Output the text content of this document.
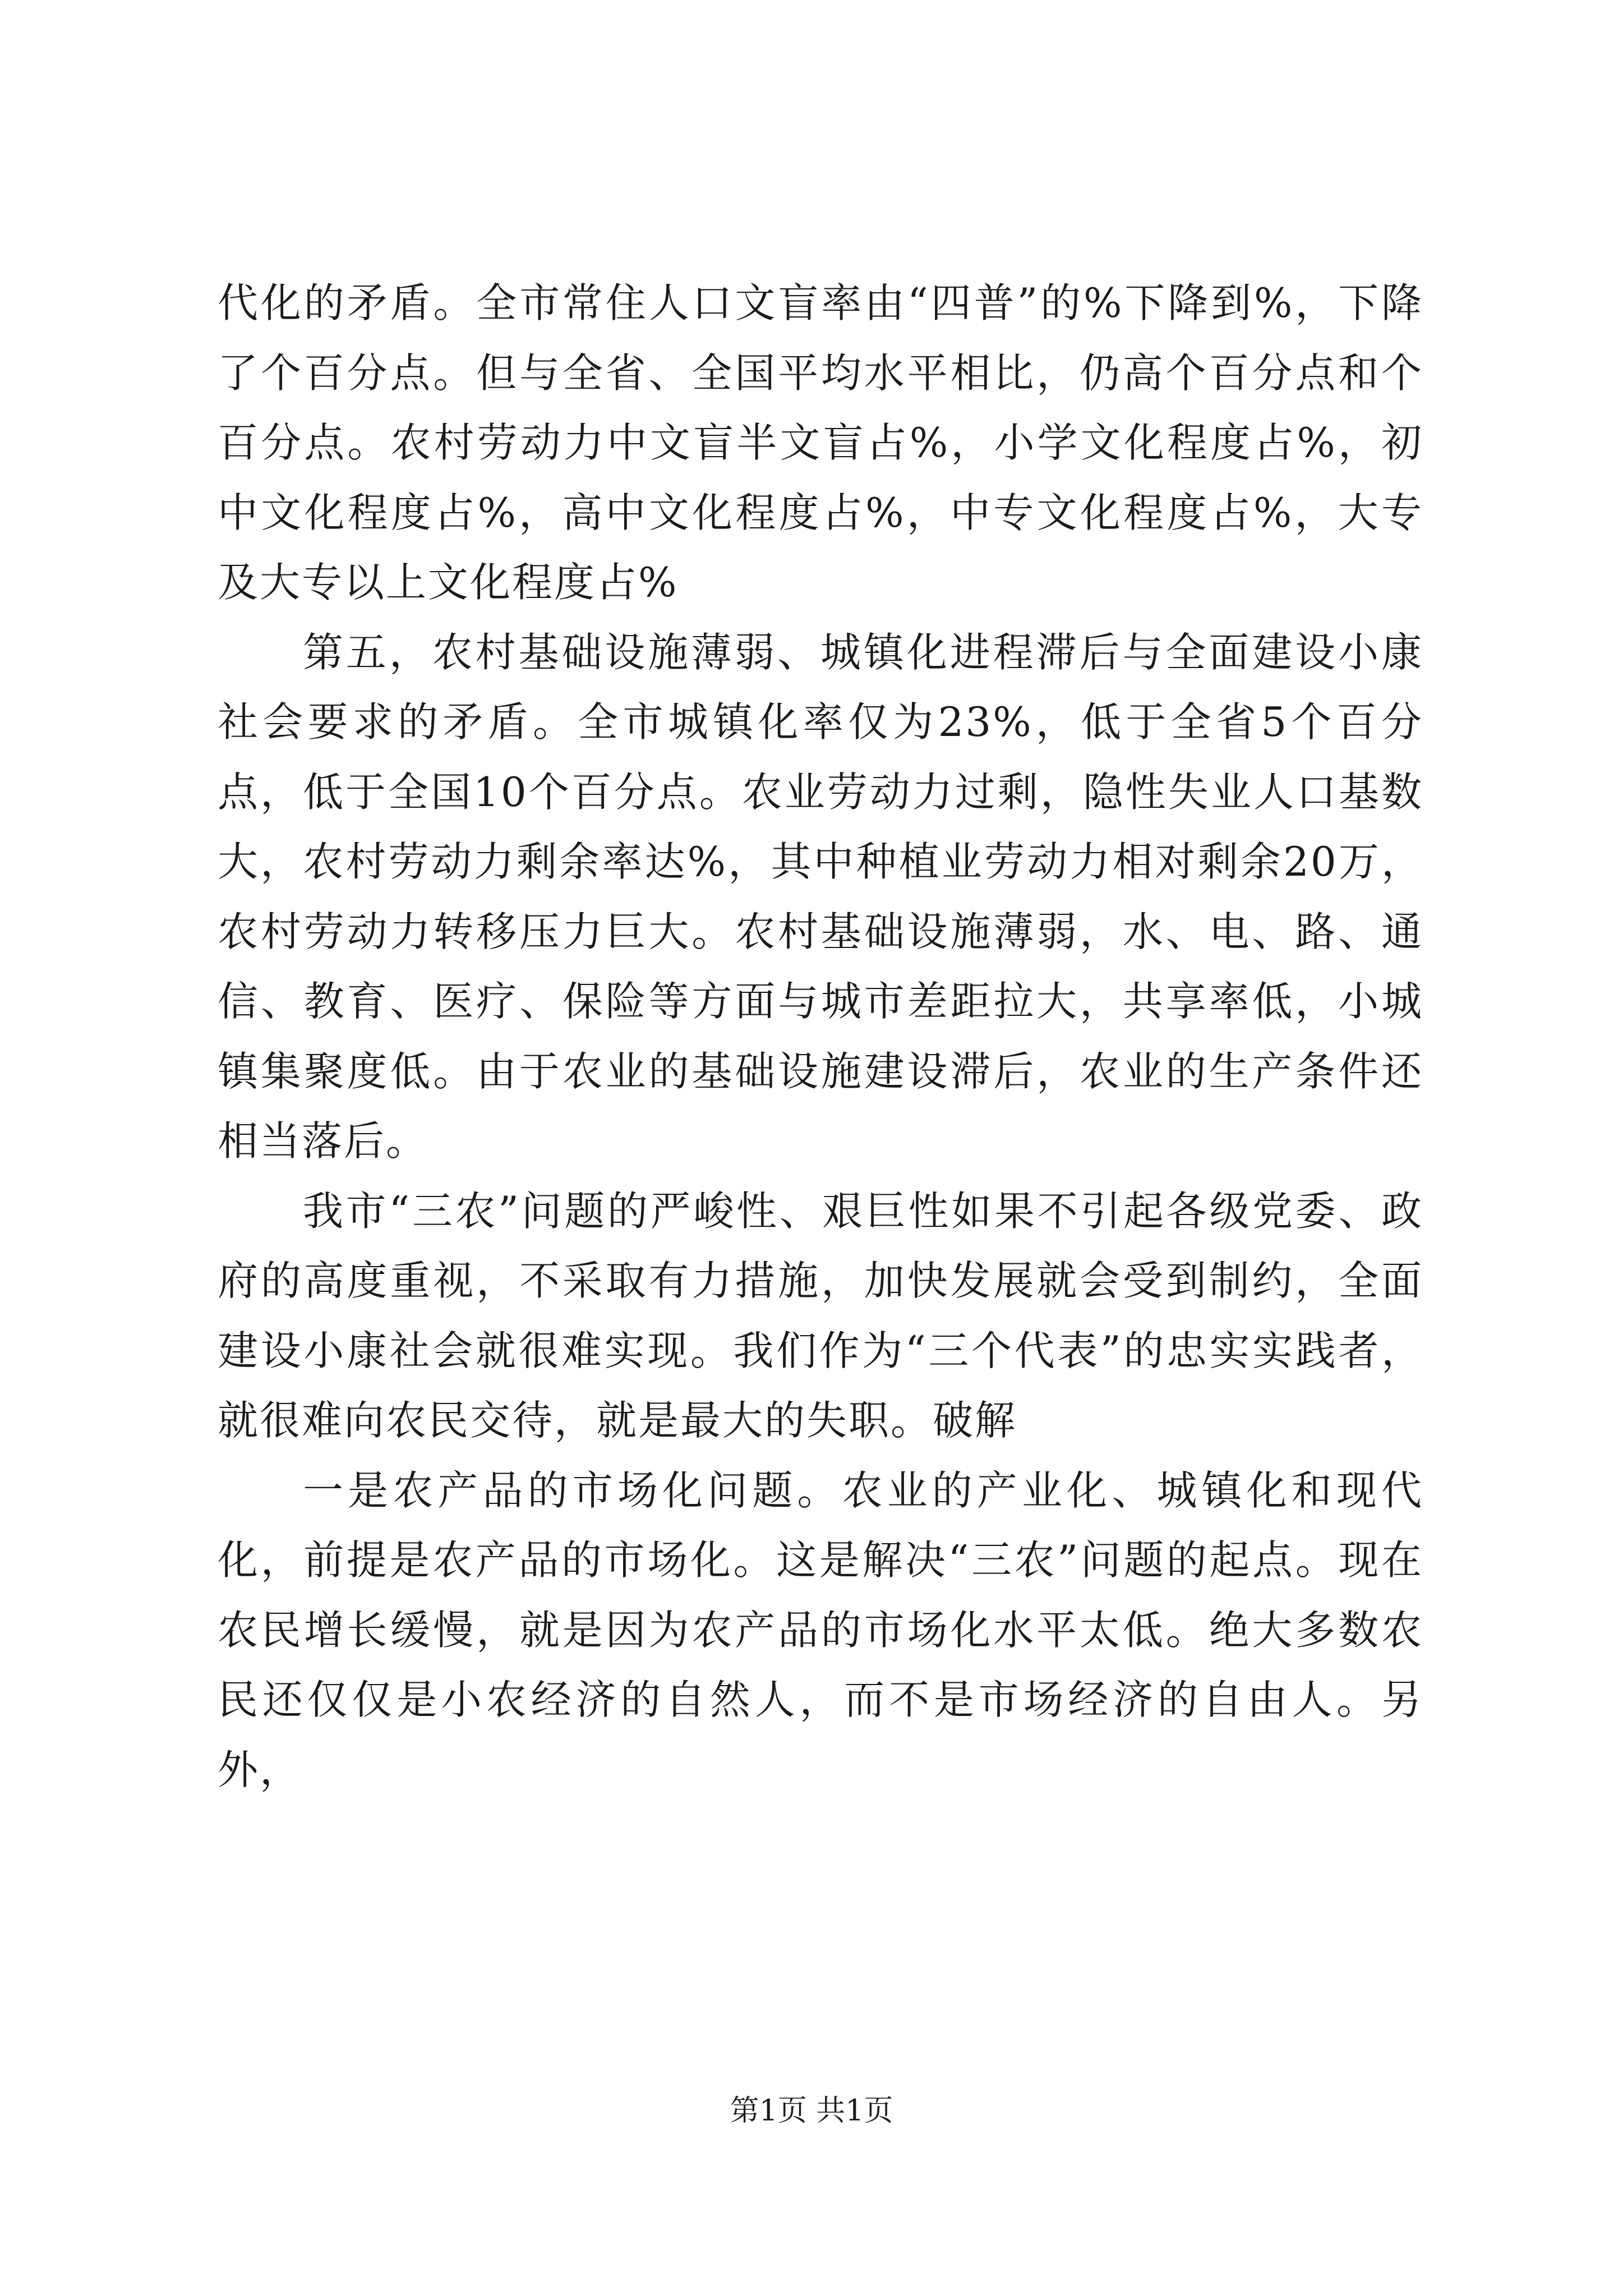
代化的矛盾。全市常住人口文盲率由“四普”的%下降到%，下降了个百分点。但与全省、全国平均水平相比，仍高个百分点和个百分点。农村劳动力中文盲半文盲占%，小学文化程度占%，初中文化程度占%，高中文化程度占%，中专文化程度占%，大专及大专以上文化程度占%

第五，农村基础设施薄弱、城镇化进程滞后与全面建设小康社会要求的矛盾。全市城镇化率仅为23%，低于全省5个百分点，低于全国10个百分点。农业劳动力过剩，隐性失业人口基数大，农村劳动力剩余率达%，其中种植业劳动力相对剩余20万，农村劳动力转移压力巨大。农村基础设施薄弱，水、电、路、通信、教育、医疗、保险等方面与城市差距拉大，共享率低，小城镇集聚度低。由于农业的基础设施建设滞后，农业的生产条件还相当落后。

我市“三农”问题的严峻性、艰巨性如果不引起各级党委、政府的高度重视，不采取有力措施，加快发展就会受到制约，全面建设小康社会就很难实现。我们作为“三个代表”的忠实实践者，就很难向农民交待，就是最大的失职。破解

一是农产品的市场化问题。农业的产业化、城镇化和现代化，前提是农产品的市场化。这是解决“三农”问题的起点。现在农民增长缓慢，就是因为农产品的市场化水平太低。绝大多数农民还仅仅是小农经济的自然人，而不是市场经济的自由人。另外，

第1页 共1页
